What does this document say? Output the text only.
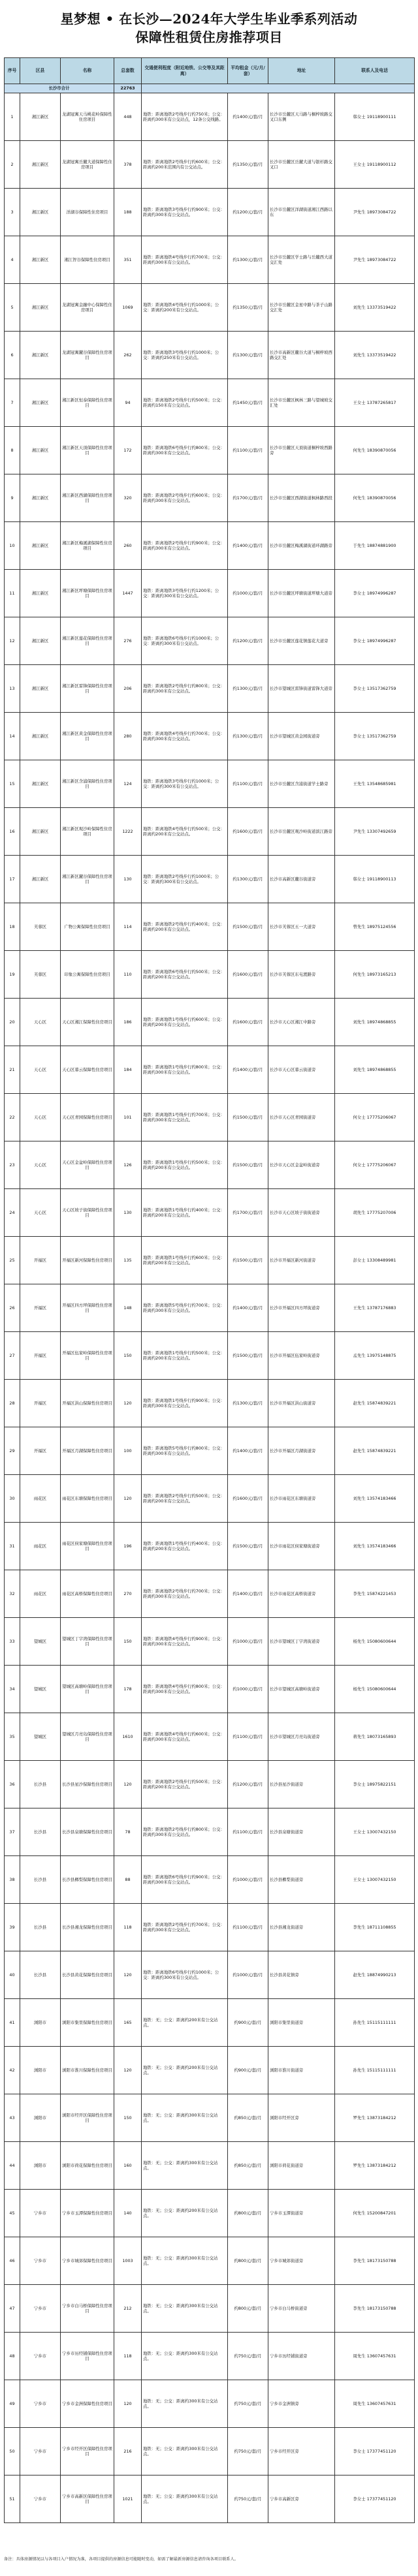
星梦想 • 在长沙—2024年大学生毕业季系列活动
保障性租赁住房推荐项目
序号	区县	名称	总套数	交通便利程度（附近地铁、公交等及其距离）	平均租金（元/月/套）	地址	联系人及电话
长沙市合计			22763				
1	湘江新区	龙湖冠寓天马桃花岭保障性住房项目	448	地铁：距离地铁2号线步行约750米；公交：距离约300米有公交站点，12条公交线路。	约1400元/套/月	长沙市岳麓区天马路与桐梓坡路交叉口东侧	韩女士 19118900111
2	湘江新区	龙湖冠寓岳麓大道保障性住房项目	378	地铁：距离地铁2号线步行约600米；公交：距离约200米范围内有公交站点。	约1350元/套/月	长沙市岳麓区岳麓大道与银杉路交叉口	王女士 19118900112
3	湘江新区	洋湖谷保障性住房项目	188	地铁：距离地铁3号线步行约900米；公交：距离约300米有公交站点。	约1200元/套/月	长沙市岳麓区洋湖街道湘江西路以东	尹先生 18973084722
4	湘江新区	湘江智谷保障性住房项目	351	地铁：距离地铁4号线步行约700米；公交：距离约300米有公交站点。	约1300元/套/月	长沙市岳麓区学士路与岳麓西大道交汇处	尹先生 18973084722
5	湘江新区	龙湖冠寓金融中心保障性住房项目	1069	地铁：距离地铁4号线步行约1000米；公交：距离约200米有公交站点。	约1350元/套/月	长沙市岳麓区金星中路与茶子山路交汇处	刘先生 13373519422
6	湘江新区	龙湖冠寓麓谷保障性住房项目	262	地铁：距离地铁3号线步行约1000米；公交：距离约250米有公交站点。	约1300元/套/月	长沙市高新区麓谷大道与桐梓坡西路交汇处	刘先生 13373519422
7	湘江新区	湘江新区恒泰保障性住房项目	94	地铁：距离地铁2号线步行约500米；公交：距离约150米有公交站点。	约1450元/套/月	长沙市岳麓区枫林三路与望城坡交汇处	王女士 13787265817
8	湘江新区	湘江新区天顶保障性住房项目	172	地铁：距离地铁6号线步行约800米；公交：距离约300米有公交站点。	约1100元/套/月	长沙市岳麓区天顶街道桐梓坡西路旁	何先生 18390870056
9	湘江新区	湘江新区西湖保障性住房项目	320	地铁：距离地铁2号线步行约600米；公交：距离约300米有公交站点。	约1700元/套/月	长沙市岳麓区西湖街道枫林路西段	何先生 18390870056
10	湘江新区	湘江新区梅溪湖保障性住房项目	260	地铁：距离地铁2号线步行约900米；公交：距离约300米有公交站点。	约1400元/套/月	长沙市岳麓区梅溪湖街道环湖路旁	于先生 18874881900
11	湘江新区	湘江新区坪塘保障性住房项目	1447	地铁：距离地铁3号线步行约1200米；公交：距离约300米有公交站点。	约1000元/套/月	长沙市岳麓区坪塘街道坪塘大道旁	李女士 18974996287
12	湘江新区	湘江新区莲花保障性住房项目	276	地铁：距离地铁6号线步行约1000米；公交：距离约300米有公交站点。	约1200元/套/月	长沙市岳麓区莲花镇莲花大道旁	李女士 18974996287
13	湘江新区	湘江新区雷锋保障性住房项目	206	地铁：距离地铁2号线步行约800米；公交：距离约300米有公交站点。	约1300元/套/月	长沙市望城区雷锋街道雷锋大道旁	李女士 13517362759
14	湘江新区	湘江新区黄金保障性住房项目	280	地铁：距离地铁4号线步行约700米；公交：距离约300米有公交站点。	约1300元/套/月	长沙市望城区黄金园街道旁	李女士 13517362759
15	湘江新区	湘江新区含浦保障性住房项目	124	地铁：距离地铁3号线步行约1000米；公交：距离约300米有公交站点。	约1100元/套/月	长沙市岳麓区含浦街道学士路旁	王先生 13548685981
16	湘江新区	湘江新区观沙岭保障性住房项目	1222	地铁：距离地铁4号线步行约500米；公交：距离约200米有公交站点。	约1600元/套/月	长沙市岳麓区观沙岭街道滨江路旁	尹先生 13307492659
17	湘江新区	湘江新区麓谷保障性住房项目	130	地铁：距离地铁2号线步行约1000米；公交：距离约300米有公交站点。	约1300元/套/月	长沙市高新区麓谷街道旁	韩女士 19118900113
18	芙蓉区	广物公寓保障性住房项目	114	地铁：距离地铁2号线步行约400米；公交：距离约200米有公交站点。	约1500元/套/月	长沙市芙蓉区五一大道旁	曾先生 18975124556
19	芙蓉区	印象公寓保障性住房项目	110	地铁：距离地铁6号线步行约500米；公交：距离约200米有公交站点。	约1600元/套/月	长沙市芙蓉区东屯渡路旁	何先生 18973165213
20	天心区	天心区湘江保障性住房项目	186	地铁：距离地铁1号线步行约600米；公交：距离约200米有公交站点。	约1600元/套/月	长沙市天心区湘江中路旁	刘先生 18974868855
21	天心区	天心区暮云保障性住房项目	184	地铁：距离地铁1号线步行约800米；公交：距离约300米有公交站点。	约1400元/套/月	长沙市天心区暮云街道旁	刘先生 18974868855
22	天心区	天心区青园保障性住房项目	101	地铁：距离地铁1号线步行约700米；公交：距离约300米有公交站点。	约1500元/套/月	长沙市天心区青园街道旁	何女士 17775206067
23	天心区	天心区金盆岭保障性住房项目	126	地铁：距离地铁1号线步行约500米；公交：距离约200米有公交站点。	约1500元/套/月	长沙市天心区金盆岭街道旁	何女士 17775206067
24	天心区	天心区坡子街保障性住房项目	130	地铁：距离地铁1号线步行约400米；公交：距离约200米有公交站点。	约1700元/套/月	长沙市天心区坡子街街道旁	胡先生 17775207006
25	开福区	开福区新河保障性住房项目	135	地铁：距离地铁1号线步行约600米；公交：距离约200米有公交站点。	约1500元/套/月	长沙市开福区新河街道旁	彭女士 13308489981
26	开福区	开福区四方坪保障性住房项目	148	地铁：距离地铁5号线步行约700米；公交：距离约300米有公交站点。	约1400元/套/月	长沙市开福区四方坪街道旁	王先生 13787176883
27	开福区	开福区伍家岭保障性住房项目	150	地铁：距离地铁1号线步行约500米；公交：距离约200米有公交站点。	约1500元/套/月	长沙市开福区伍家岭街道旁	孟先生 13975148875
28	开福区	开福区洪山保障性住房项目	120	地铁：距离地铁1号线步行约900米；公交：距离约300米有公交站点。	约1300元/套/月	长沙市开福区洪山街道旁	赵先生 15874839221
29	开福区	开福区月湖保障性住房项目	100	地铁：距离地铁5号线步行约800米；公交：距离约300米有公交站点。	约1400元/套/月	长沙市开福区月湖街道旁	赵先生 15874839221
30	雨花区	雨花区东塘保障性住房项目	120	地铁：距离地铁2号线步行约500米；公交：距离约200米有公交站点。	约1600元/套/月	长沙市雨花区东塘街道旁	刘先生 13574183466
31	雨花区	雨花区侯家塘保障性住房项目	196	地铁：距离地铁1号线步行约400米；公交：距离约200米有公交站点。	约1500元/套/月	长沙市雨花区侯家塘街道旁	刘先生 13574183466
32	雨花区	雨花区高桥保障性住房项目	270	地铁：距离地铁2号线步行约700米；公交：距离约300米有公交站点。	约1400元/套/月	长沙市雨花区高桥街道旁	李先生 15874221453
33	望城区	望城区丁字湾保障性住房项目	150	地铁：距离地铁4号线步行约900米；公交：距离约300米有公交站点。	约1000元/套/月	长沙市望城区丁字湾街道旁	杨先生 15080600644
34	望城区	望城区高塘岭保障性住房项目	178	地铁：距离地铁4号线步行约800米；公交：距离约300米有公交站点。	约1000元/套/月	长沙市望城区高塘岭街道旁	杨先生 15080600644
35	望城区	望城区月亮岛保障性住房项目	1610	地铁：距离地铁4号线步行约600米；公交：距离约300米有公交站点。	约1100元/套/月	长沙市望城区月亮岛街道旁	蒋先生 18073165893
36	长沙县	长沙县星沙保障性住房项目	120	地铁：距离地铁2号线步行约500米；公交：距离约200米有公交站点。	约1200元/套/月	长沙县星沙街道旁	李女士 18975822151
37	长沙县	长沙县泉塘保障性住房项目	78	地铁：距离地铁2号线步行约800米；公交：距离约300米有公交站点。	约1100元/套/月	长沙县泉塘街道旁	王女士 13007432150
38	长沙县	长沙县榔梨保障性住房项目	88	地铁：距离地铁6号线步行约900米；公交：距离约300米有公交站点。	约1000元/套/月	长沙县榔梨街道旁	王女士 13007432150
39	长沙县	长沙县湘龙保障性住房项目	118	地铁：距离地铁2号线步行约700米；公交：距离约300米有公交站点。	约1100元/套/月	长沙县湘龙街道旁	李先生 18711108855
40	长沙县	长沙县黄花保障性住房项目	120	地铁：距离地铁6号线步行约1000米；公交：距离约300米有公交站点。	约1000元/套/月	长沙县黄花镇旁	赵先生 18874990213
41	浏阳市	浏阳市集里保障性住房项目	165	地铁：无；公交：距离约200米有公交站点。	约900元/套/月	浏阳市集里街道旁	孙先生 15115111111
42	浏阳市	浏阳市淮川保障性住房项目	120	地铁：无；公交：距离约200米有公交站点。	约900元/套/月	浏阳市淮川街道旁	孙先生 15115111111
43	浏阳市	浏阳市经开区保障性住房项目	150	地铁：无；公交：距离约300米有公交站点。	约850元/套/月	浏阳市经开区旁	罗先生 13873184212
44	浏阳市	浏阳市荷花保障性住房项目	160	地铁：无；公交：距离约300米有公交站点。	约850元/套/月	浏阳市荷花街道旁	罗先生 13873184212
45	宁乡市	宁乡市玉潭保障性住房项目	140	地铁：无；公交：距离约200米有公交站点。	约800元/套/月	宁乡市玉潭街道旁	何先生 15200847201
46	宁乡市	宁乡市城郊保障性住房项目	1003	地铁：无；公交：距离约300米有公交站点。	约800元/套/月	宁乡市城郊街道旁	李先生 18173150788
47	宁乡市	宁乡市白马桥保障性住房项目	212	地铁：无；公交：距离约300米有公交站点。	约800元/套/月	宁乡市白马桥街道旁	李先生 18173150788
48	宁乡市	宁乡市历经铺保障性住房项目	118	地铁：无；公交：距离约300米有公交站点。	约750元/套/月	宁乡市历经铺街道旁	周先生 13607457631
49	宁乡市	宁乡市金洲保障性住房项目	120	地铁：无；公交：距离约300米有公交站点。	约750元/套/月	宁乡市金洲镇旁	周先生 13607457631
50	宁乡市	宁乡市经开区保障性住房项目	216	地铁：无；公交：距离约300米有公交站点。	约750元/套/月	宁乡市经开区旁	李女士 17377451120
51	宁乡市	宁乡市高新区保障性住房项目	1021	地铁：无；公交：距离约300米有公交站点。	约750元/套/月	宁乡市高新区旁	李女士 17377451120
备注：具体房源情况以与各项目入户情况为准，各项目提供的房源信息可能随时变动，如需了解最新房源信息请咨询各项目联系人。
